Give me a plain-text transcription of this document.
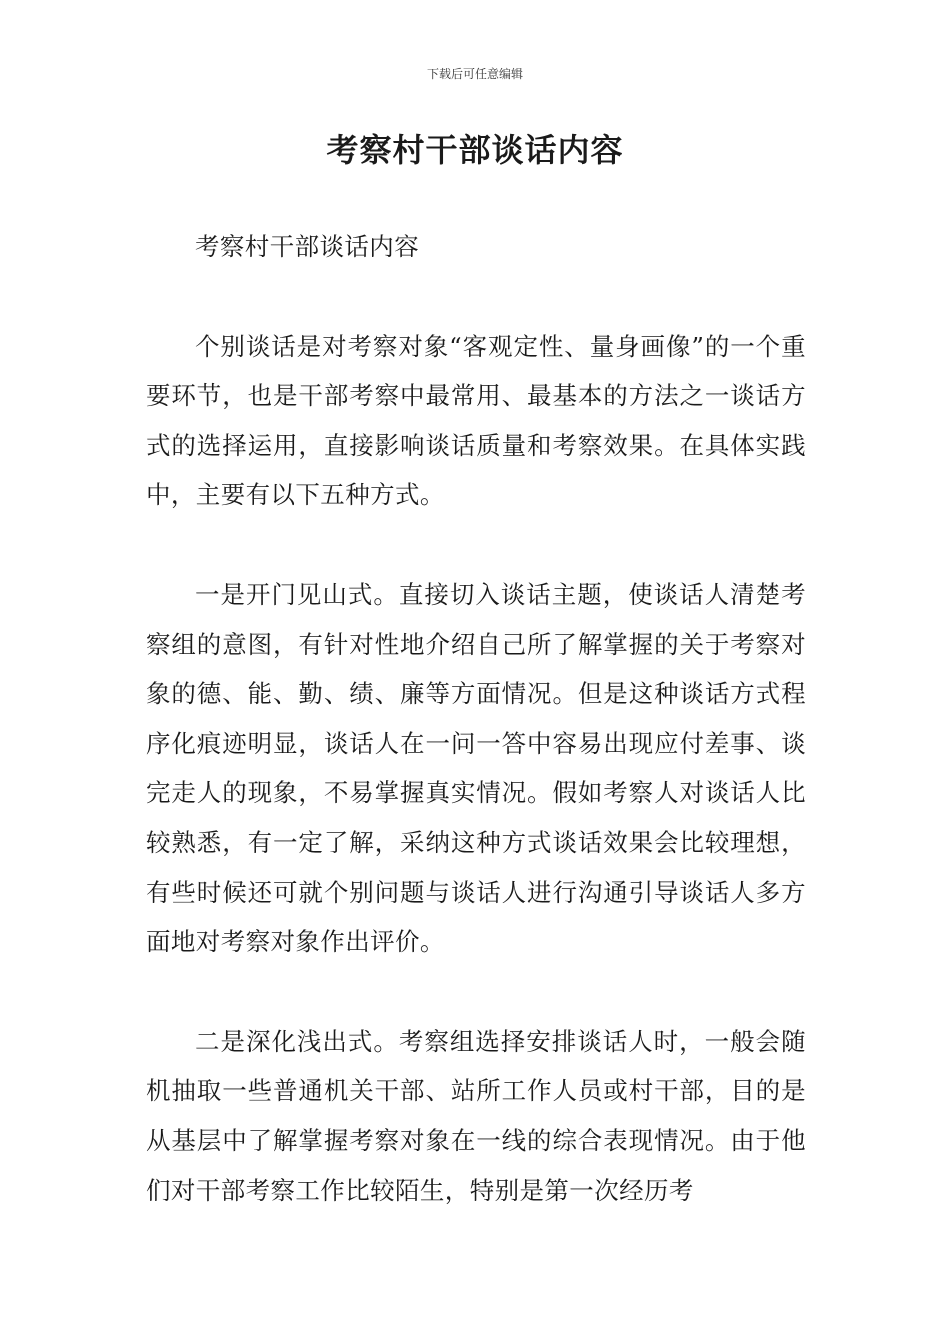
下载后可任意编辑
考察村干部谈话内容

考察村干部谈话内容

个别谈话是对考察对象“客观定性、量身画像”的一个重要环节，也是干部考察中最常用、最基本的方法之一谈话方式的选择运用，直接影响谈话质量和考察效果。在具体实践中，主要有以下五种方式。

一是开门见山式。直接切入谈话主题，使谈话人清楚考察组的意图，有针对性地介绍自己所了解掌握的关于考察对象的德、能、勤、绩、廉等方面情况。但是这种谈话方式程序化痕迹明显，谈话人在一问一答中容易出现应付差事、谈完走人的现象，不易掌握真实情况。假如考察人对谈话人比较熟悉，有一定了解，采纳这种方式谈话效果会比较理想，有些时候还可就个别问题与谈话人进行沟通引导谈话人多方面地对考察对象作出评价。

二是深化浅出式。考察组选择安排谈话人时，一般会随机抽取一些普通机关干部、站所工作人员或村干部，目的是从基层中了解掌握考察对象在一线的综合表现情况。由于他们对干部考察工作比较陌生，特别是第一次经历考
